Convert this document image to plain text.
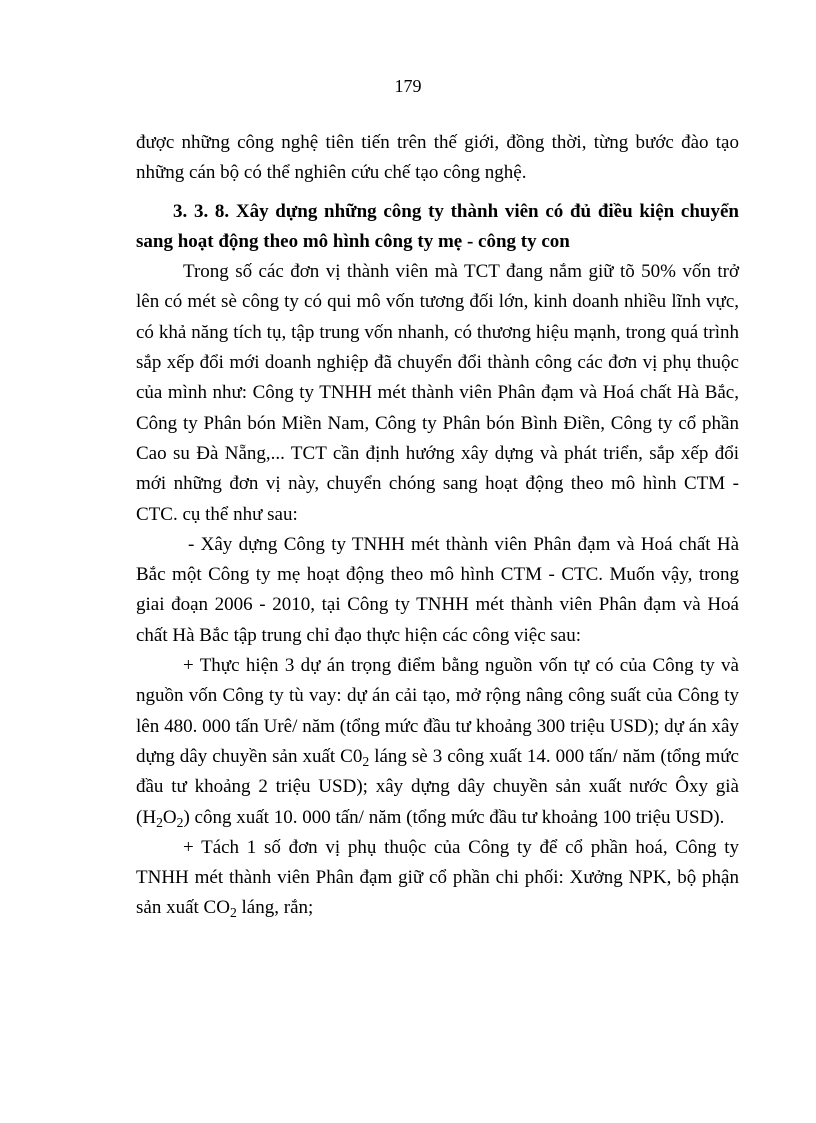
179

được những công nghệ tiên tiến trên thế giới, đồng thời, từng bước đào tạo những cán bộ có thể nghiên cứu chế tạo công nghệ.

3. 3. 8. Xây dựng những công ty thành viên có đủ điều kiện chuyển sang hoạt động theo mô hình công ty mẹ - công ty con

Trong số các đơn vị thành viên mà TCT đang nắm giữ tõ 50% vốn trở lên có mét sè công ty có qui mô vốn tương đối lớn, kinh doanh nhiều lĩnh vực, có khả năng tích tụ, tập trung vốn nhanh, có thương hiệu mạnh, trong quá trình sắp xếp đổi mới doanh nghiệp đã chuyển đổi thành công các đơn vị phụ thuộc của mình như: Công ty TNHH mét thành viên Phân đạm và Hoá chất Hà Bắc, Công ty Phân bón Miền Nam, Công ty Phân bón Bình Điền, Công ty cổ phần Cao su Đà Nẵng,... TCT cần định hướng xây dựng và phát triển, sắp xếp đổi mới những đơn vị này, chuyển chóng sang hoạt động theo mô hình CTM - CTC. cụ thể như sau:

- Xây dựng Công ty TNHH mét thành viên Phân đạm và Hoá chất Hà Bắc một Công ty mẹ hoạt động theo mô hình CTM - CTC. Muốn vậy, trong giai đoạn 2006 - 2010, tại Công ty TNHH mét thành viên Phân đạm và Hoá chất Hà Bắc tập trung chỉ đạo thực hiện các công việc sau:

+ Thực hiện 3 dự án trọng điểm bằng nguồn vốn tự có của Công ty và nguồn vốn Công ty tù vay: dự án cải tạo, mở rộng nâng công suất của Công ty lên 480. 000 tấn Urê/ năm (tổng mức đầu tư khoảng 300 triệu USD); dự án xây dựng dây chuyền sản xuất $C0_2$ láng sè 3 công xuất 14. 000 tấn/ năm (tổng mức đầu tư khoảng 2 triệu USD); xây dựng dây chuyền sản xuất nước Ôxy già $(H_2O_2)$ công xuất 10. 000 tấn/ năm (tổng mức đầu tư khoảng 100 triệu USD).

+ Tách 1 số đơn vị phụ thuộc của Công ty để cổ phần hoá, Công ty TNHH mét thành viên Phân đạm giữ cổ phần chi phối: Xưởng NPK, bộ phận sản xuất $CO_2$ láng, rắn;
